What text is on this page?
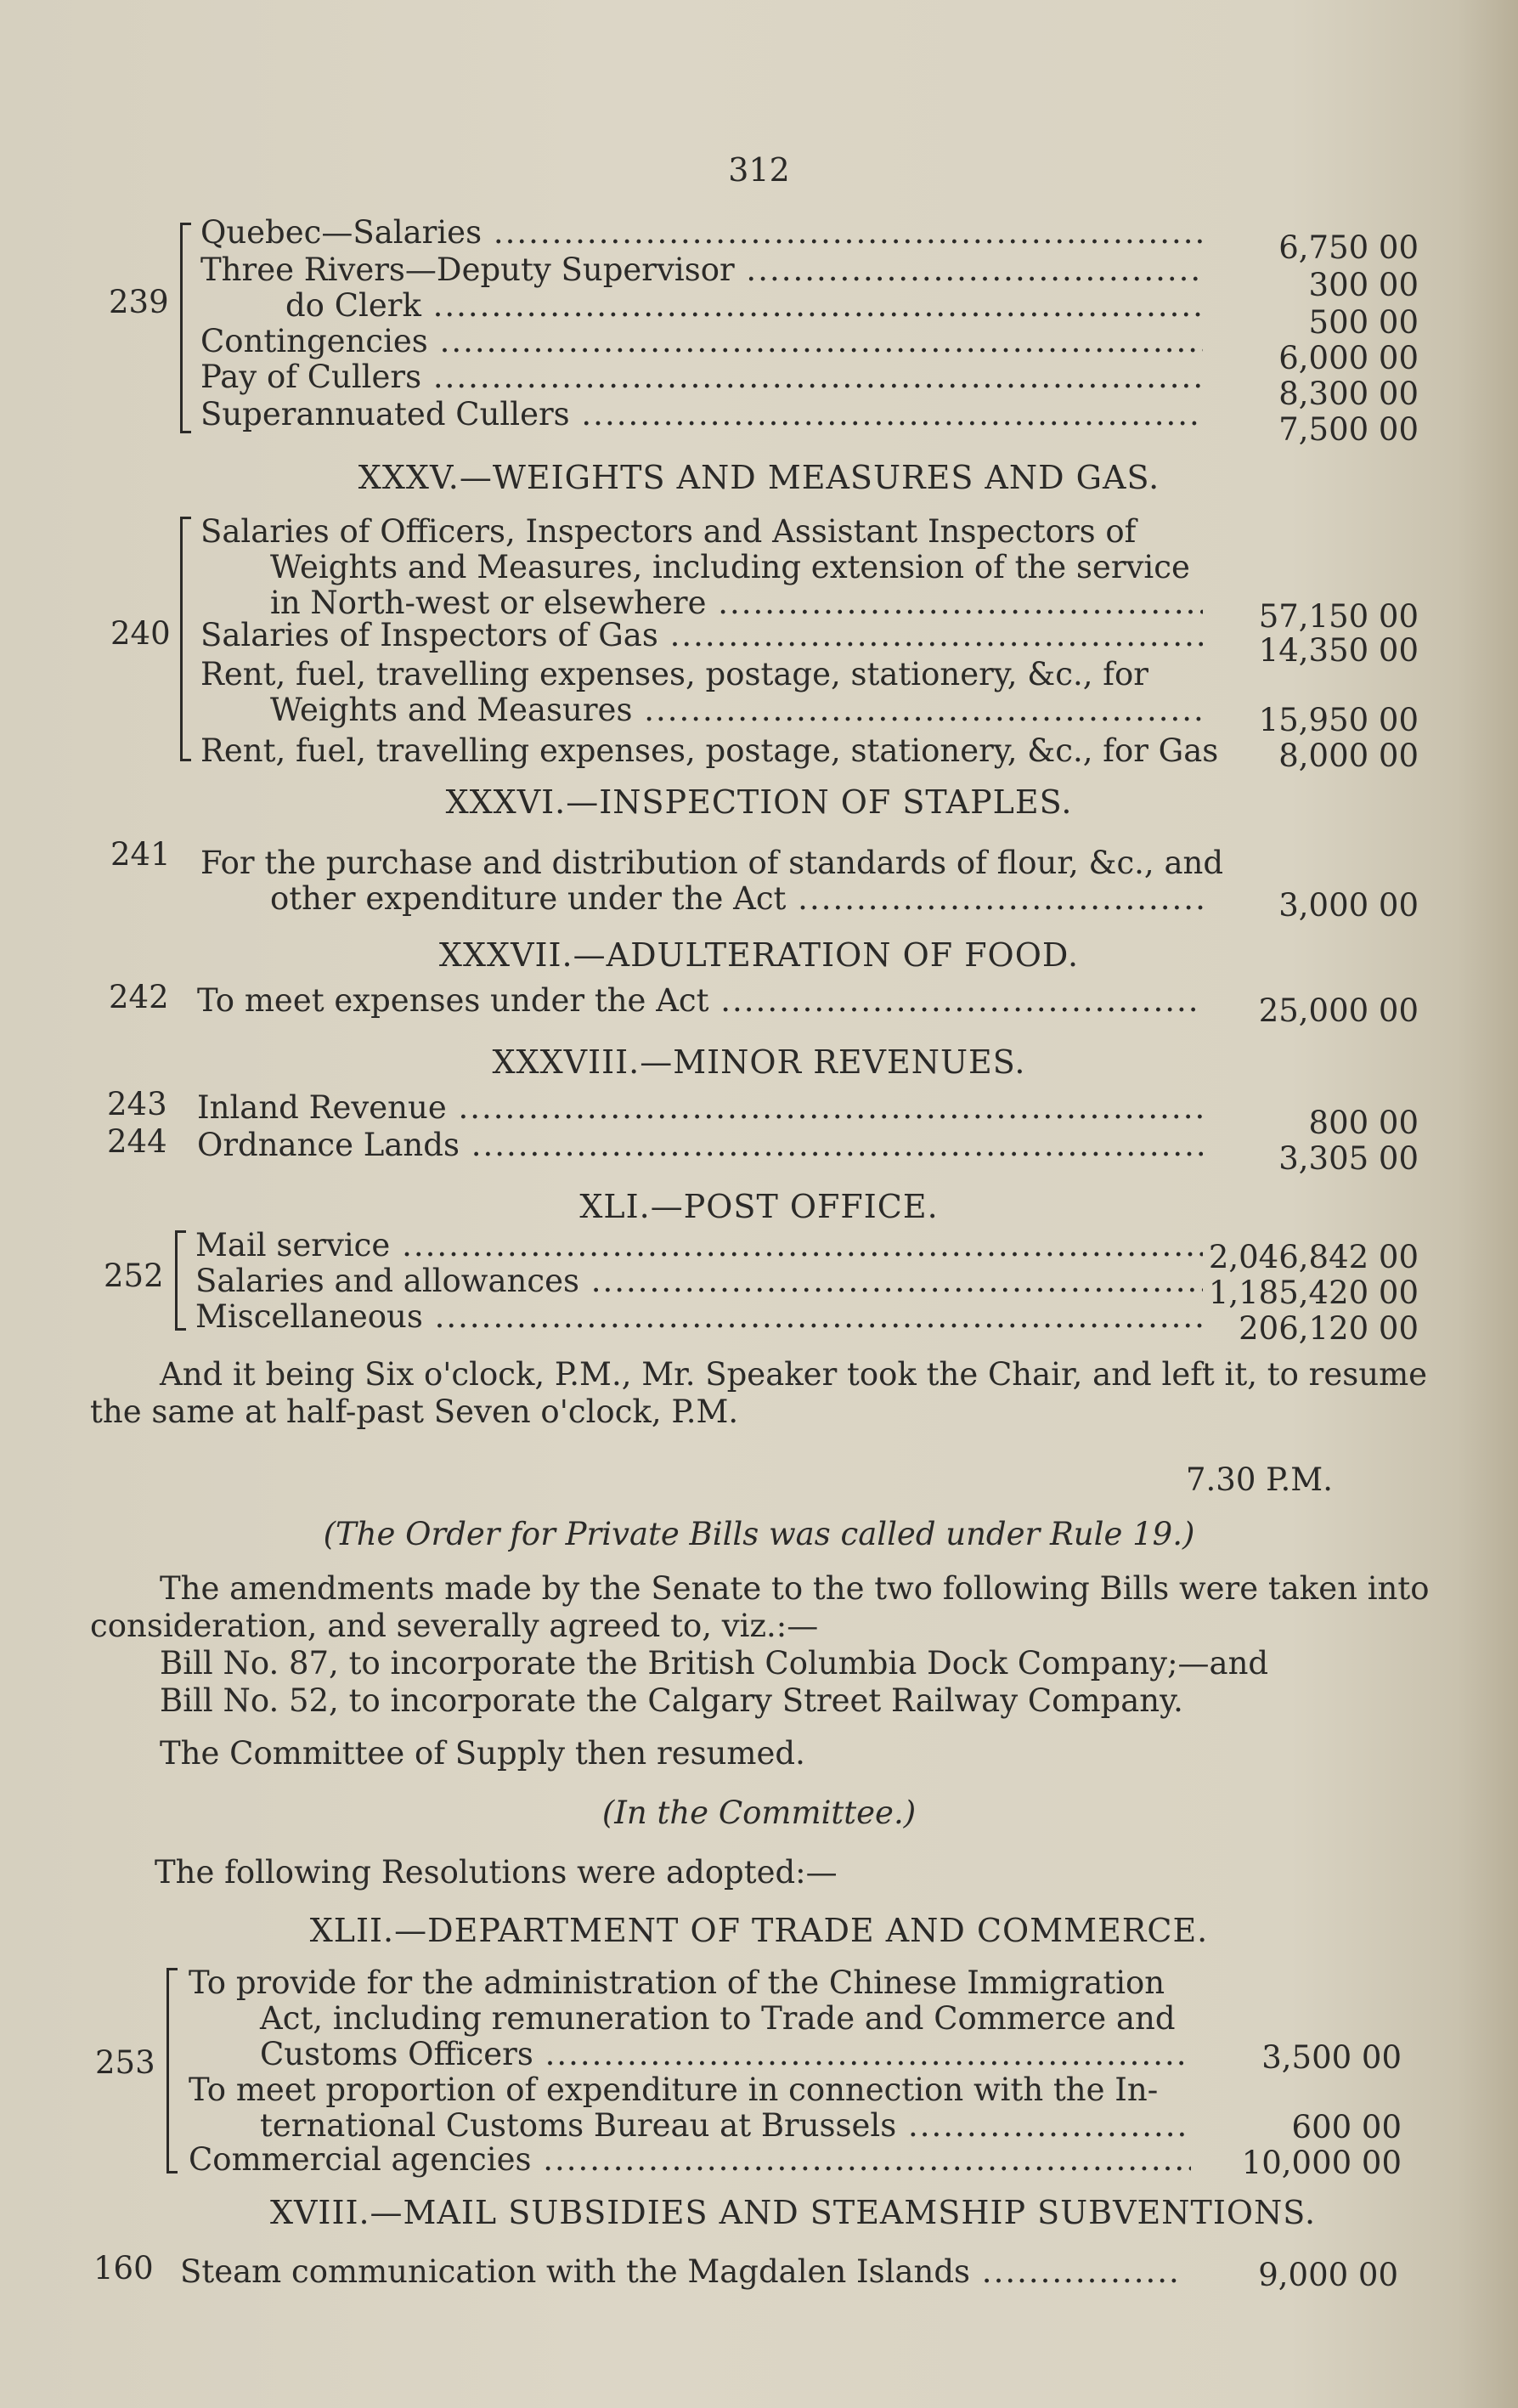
312
239
Quebec—Salaries .....	6,750 00
Three Rivers—Deputy Supervisor .....	300 00
do Clerk .....	500 00
Contingencies .....	6,000 00
Pay of Cullers .....	8,300 00
Superannuated Cullers .....	7,500 00
XXXV.—WEIGHTS AND MEASURES AND GAS.
240
Salaries of Officers, Inspectors and Assistant Inspectors of
Weights and Measures, including extension of the service
in North-west or elsewhere .....	57,150 00
Salaries of Inspectors of Gas .....	14,350 00
Rent, fuel, travelling expenses, postage, stationery, &c., for
Weights and Measures .....	15,950 00
Rent, fuel, travelling expenses, postage, stationery, &c., for Gas	8,000 00
XXXVI.—INSPECTION OF STAPLES.
241 For the purchase and distribution of standards of flour, &c., and
other expenditure under the Act .....	3,000 00
XXXVII.—ADULTERATION OF FOOD.
242 To meet expenses under the Act .....	25,000 00
XXXVIII.—MINOR REVENUES.
243 Inland Revenue .....	800 00
244 Ordnance Lands .....	3,305 00
XLI.—POST OFFICE.
252
Mail service .....	2,046,842 00
Salaries and allowances .....	1,185,420 00
Miscellaneous .....	206,120 00
And it being Six o'clock, P.M., Mr. Speaker took the Chair, and left it, to resume
the same at half-past Seven o'clock, P.M.
7.30 P.M.
(The Order for Private Bills was called under Rule 19.)
The amendments made by the Senate to the two following Bills were taken into
consideration, and severally agreed to, viz.:—
Bill No. 87, to incorporate the British Columbia Dock Company;—and
Bill No. 52, to incorporate the Calgary Street Railway Company.
The Committee of Supply then resumed.
(In the Committee.)
The following Resolutions were adopted:—
XLII.—DEPARTMENT OF TRADE AND COMMERCE.
253
To provide for the administration of the Chinese Immigration
Act, including remuneration to Trade and Commerce and
Customs Officers .....	3,500 00
To meet proportion of expenditure in connection with the In-
ternational Customs Bureau at Brussels .....	600 00
Commercial agencies .....	10,000 00
XVIII.—MAIL SUBSIDIES AND STEAMSHIP SUBVENTIONS.
160 Steam communication with the Magdalen Islands .....	9,000 00
